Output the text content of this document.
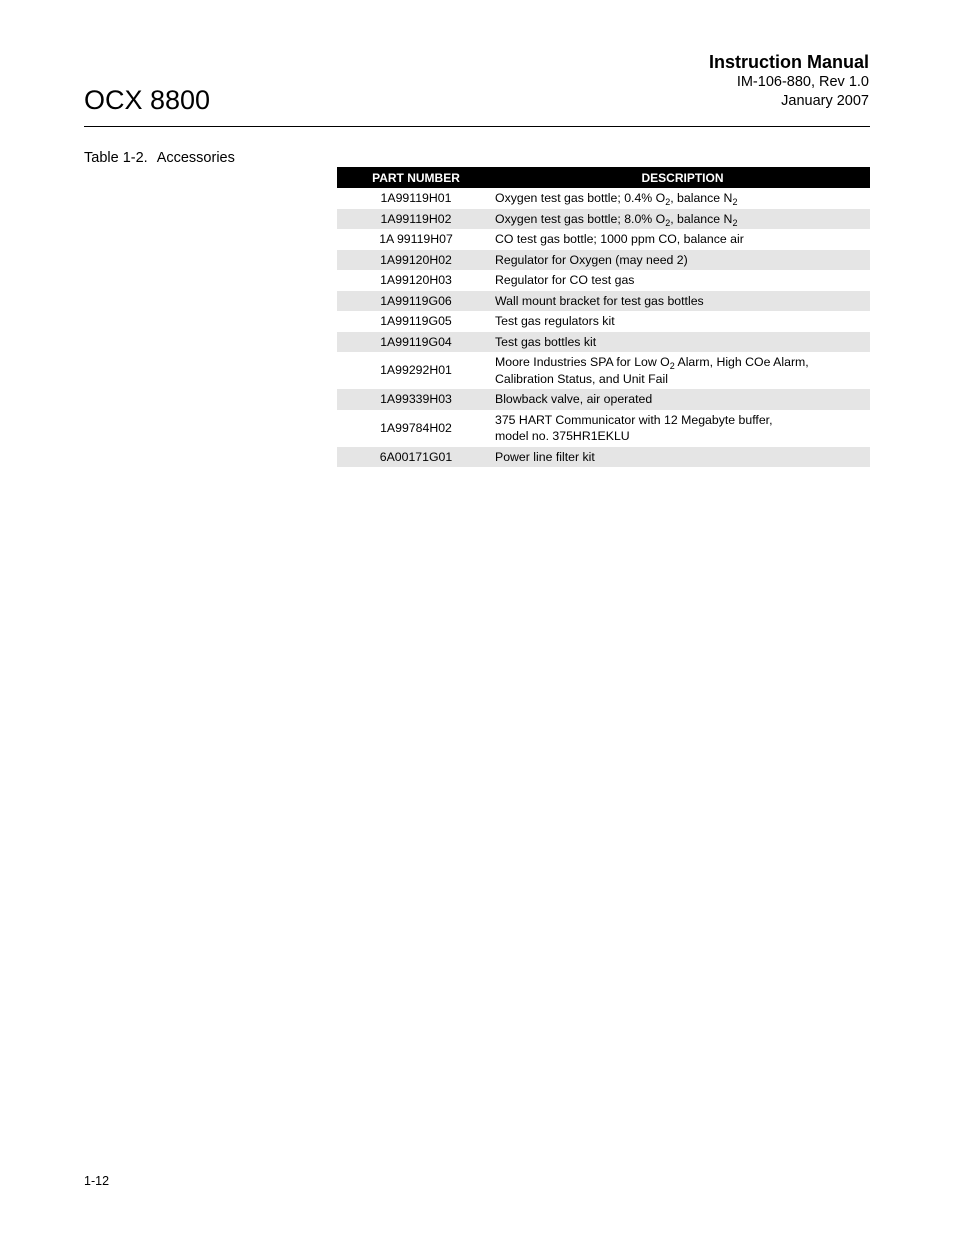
OCX 8800
Instruction Manual
IM-106-880, Rev 1.0
January 2007
Table 1-2. Accessories
PART NUMBER	DESCRIPTION
1A99119H01	Oxygen test gas bottle; 0.4% $O_2$, balance $N_2$

1A99119H02	Oxygen test gas bottle; 8.0% $O_2$, balance $N_2$

1A 99119H07	CO test gas bottle; 1000 ppm CO, balance air

1A99120H02	Regulator for Oxygen (may need 2)

1A99120H03	Regulator for CO test gas

1A99119G06	Wall mount bracket for test gas bottles

1A99119G05	Test gas regulators kit

1A99119G04	Test gas bottles kit

1A99292H01	Moore Industries SPA for Low $O_2$ Alarm, High COe Alarm,
Calibration Status, and Unit Fail

1A99339H03	Blowback valve, air operated

1A99784H02	375 HART Communicator with 12 Megabyte buffer,
model no. 375HR1EKLU

6A00171G01	Power line filter kit
1-12
